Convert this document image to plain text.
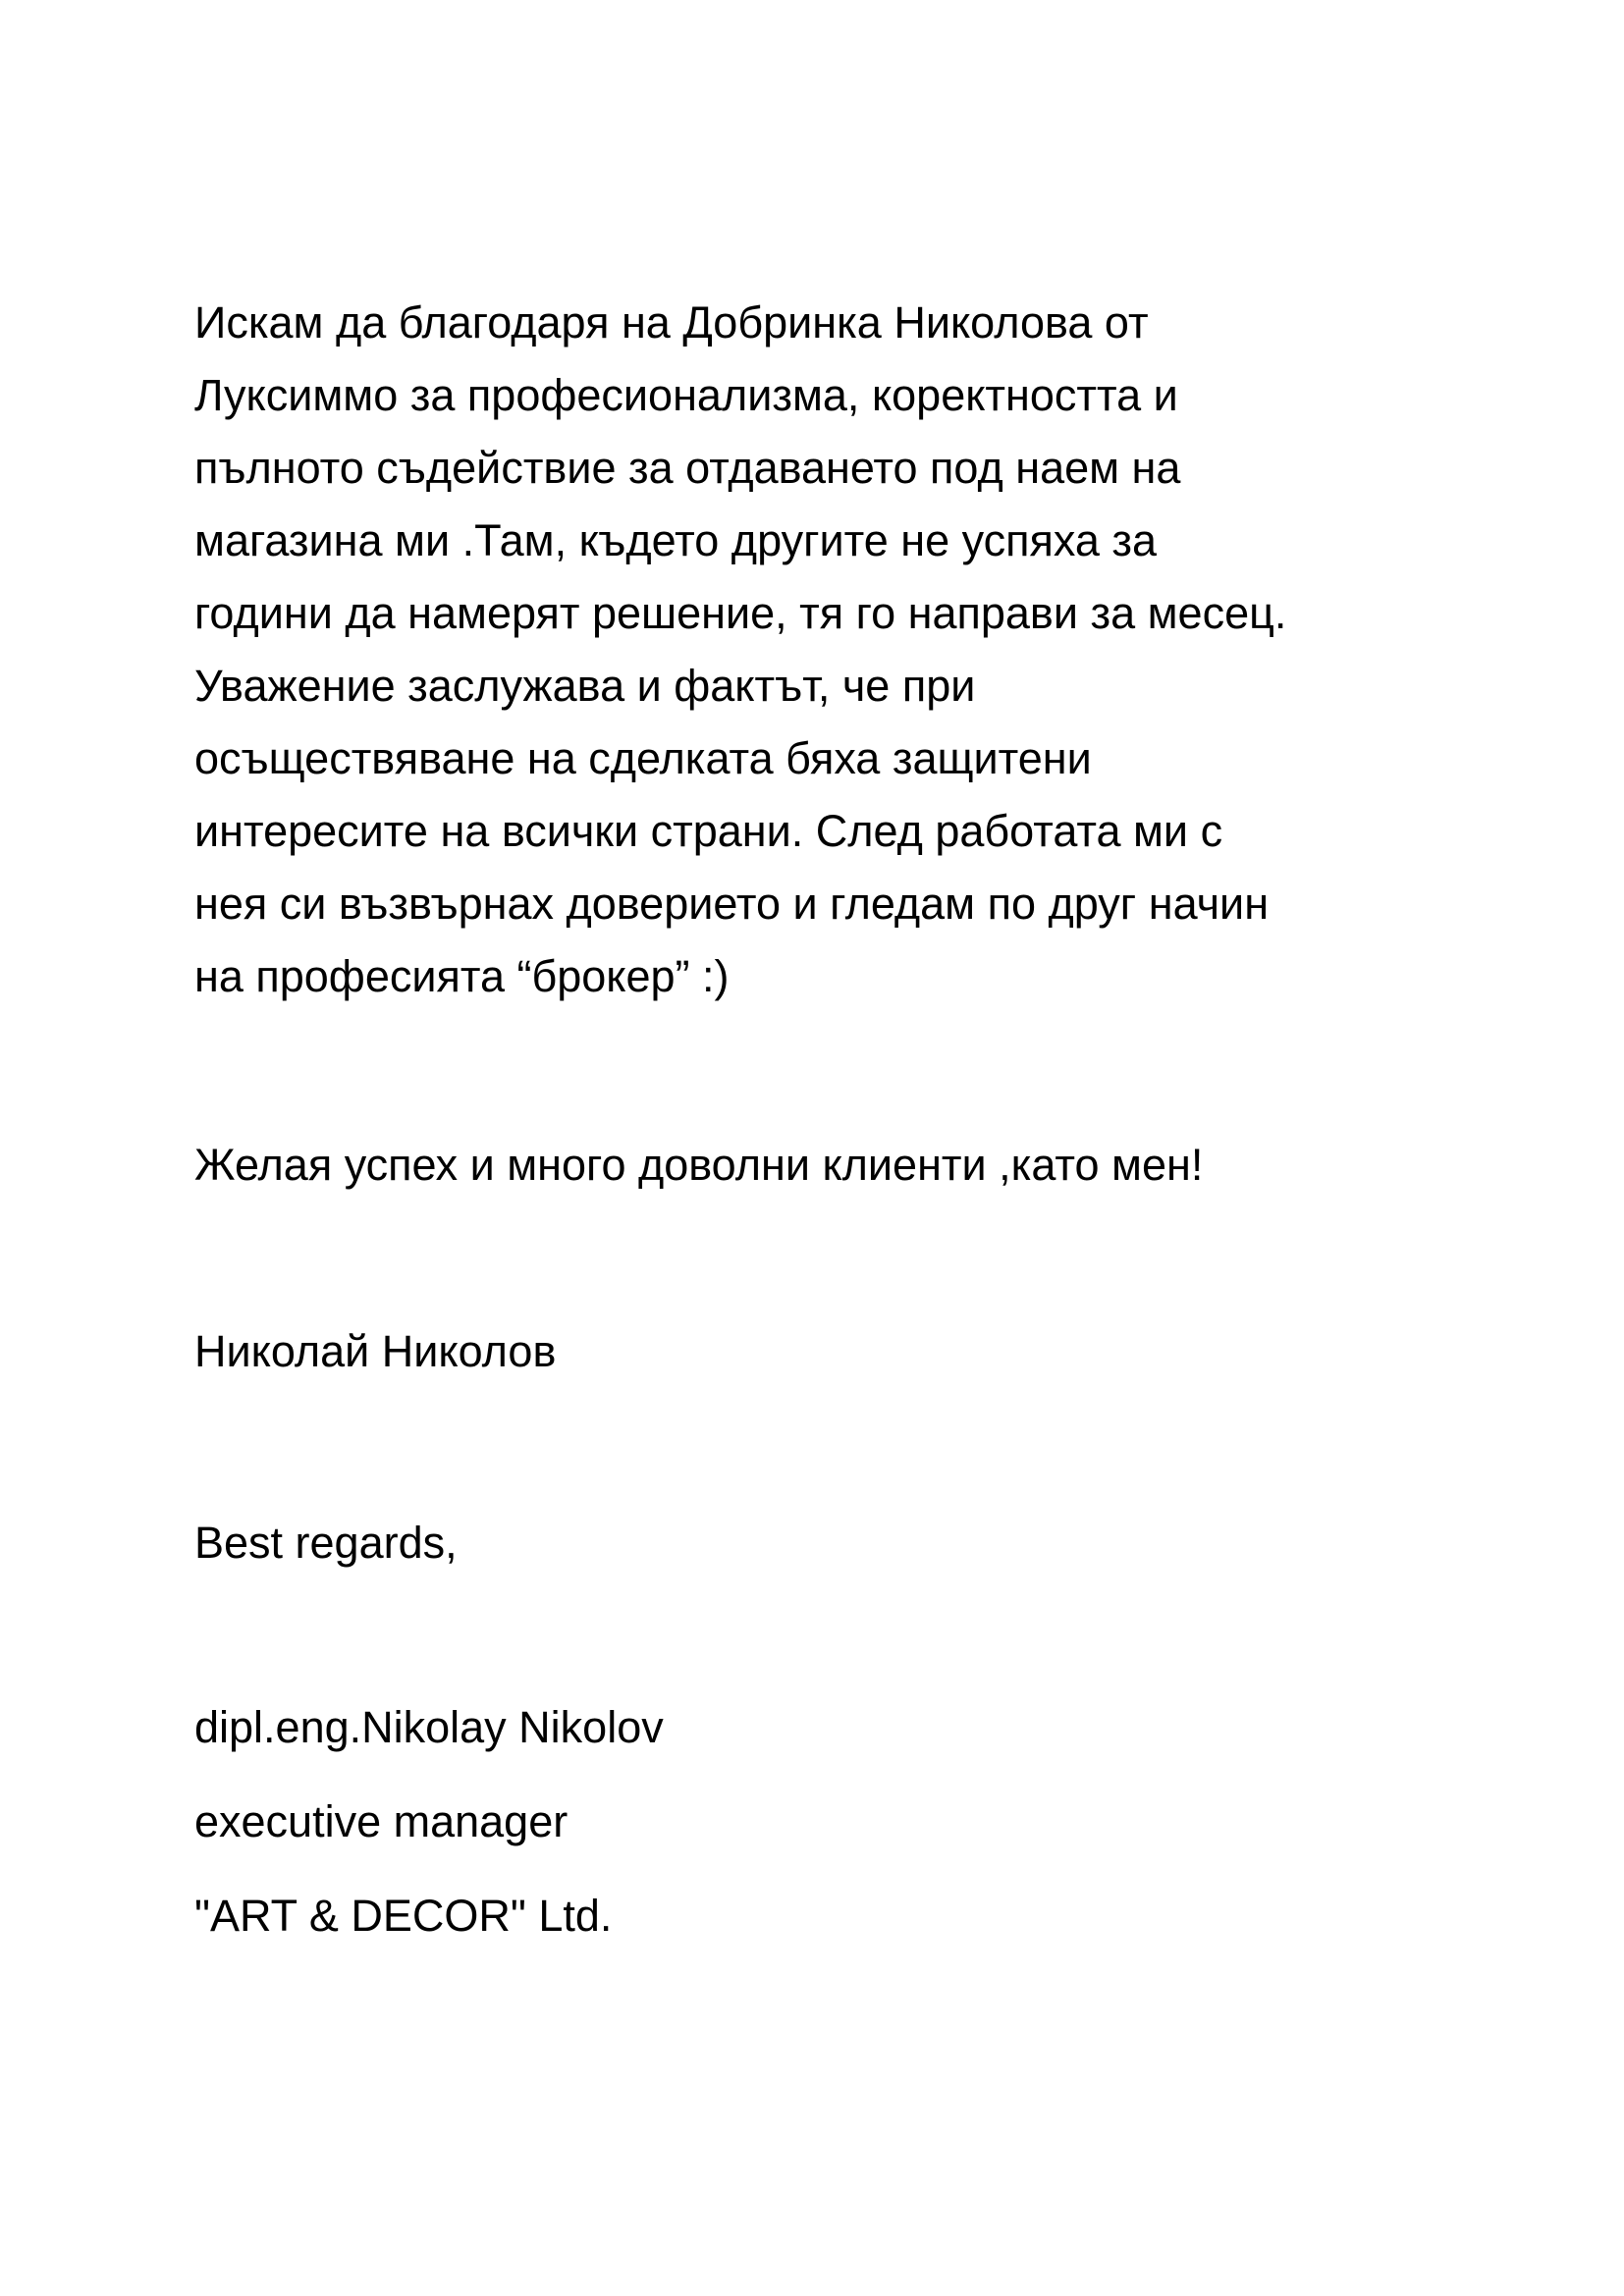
Искам да благодаря на Добринка Николова от
Луксиммо за професионализма, коректността и
пълното съдействие за отдаването под наем на
магазина ми .Там, където другите не успяха за
години да намерят решение, тя го направи за месец.
Уважение заслужава и фактът, че при
осъществяване на сделката бяха защитени
интересите на всички страни. След работата ми с
нея си възвърнах доверието и гледам по друг начин
на професията “брокер” :)
Желая успех и много доволни клиенти ,като мен!
Николай Николов
Best regards,
dipl.eng.Nikolay Nikolov
executive manager
"ART & DECOR" Ltd.
